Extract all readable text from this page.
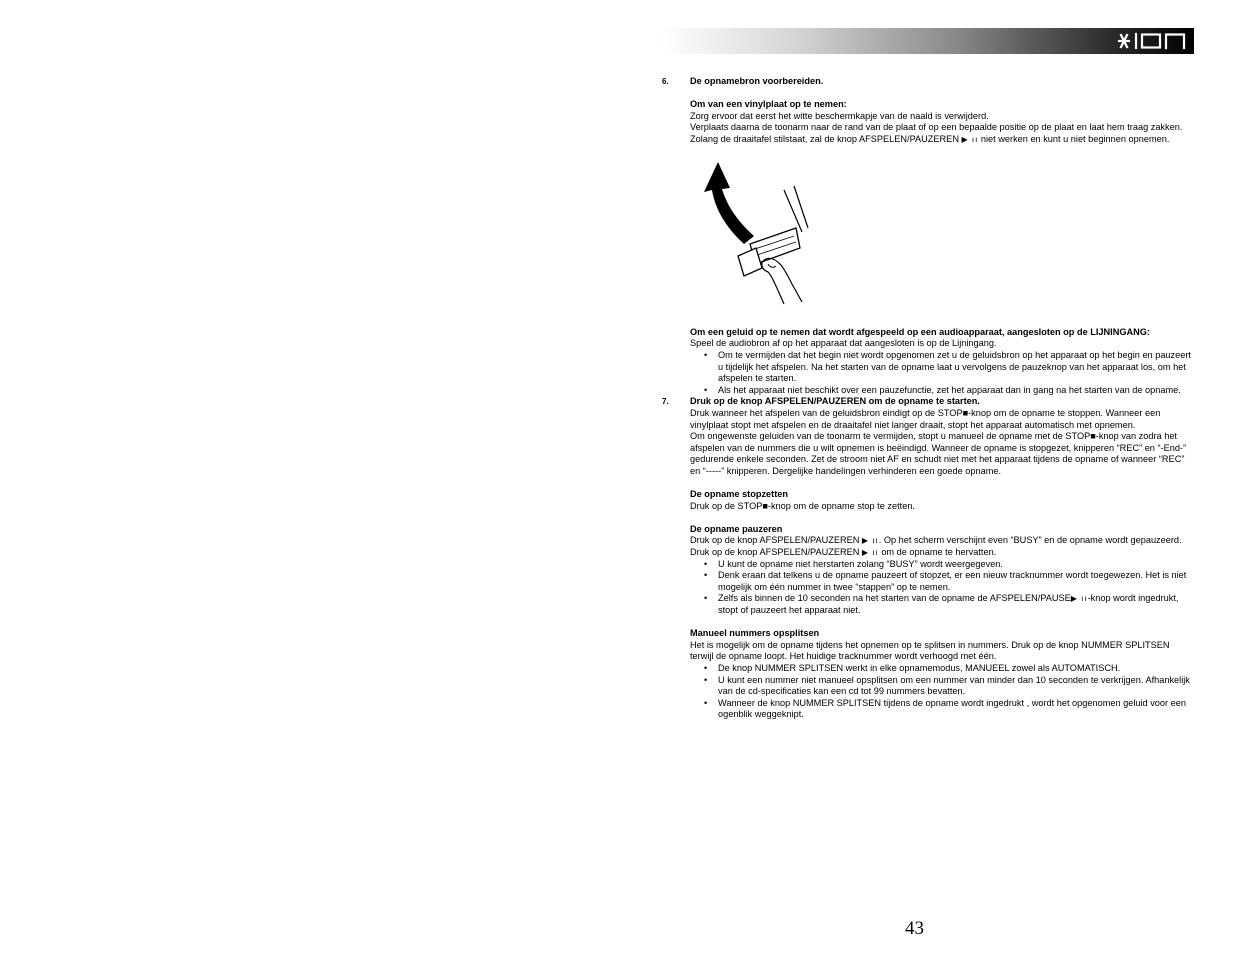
6. De opnamebron voorbereiden.

Om van een vinylplaat op te nemen:

Zorg ervoor dat eerst het witte beschermkapje van de naald is verwijderd.

Verplaats daarna de toonarm naar de rand van de plaat of op een bepaalde positie op de plaat en laat hem traag zakken.

Zolang de draaitafel stilstaat, zal de knop AFSPELEN/PAUZEREN ▶ ıı niet werken en kunt u niet beginnen opnemen.

Om een geluid op te nemen dat wordt afgespeeld op een audioapparaat, aangesloten op de LIJNINGANG:

Speel de audiobron af op het apparaat dat aangesloten is op de Lijningang.

• Om te vermijden dat het begin niet wordt opgenomen zet u de geluidsbron op het apparaat op het begin en pauzeert u tijdelijk het afspelen. Na het starten van de opname laat u vervolgens de pauzeknop van het apparaat los, om het afspelen te starten.
• Als het apparaat niet beschikt over een pauzefunctie, zet het apparaat dan in gang na het starten van de opname.

7. Druk op de knop AFSPELEN/PAUZEREN om de opname te starten.

Druk wanneer het afspelen van de geluidsbron eindigt op de STOP■-knop om de opname te stoppen. Wanneer een vinylplaat stopt met afspelen en de draaitafel niet langer draait, stopt het apparaat automatisch met opnemen.

Om ongewenste geluiden van de toonarm te vermijden, stopt u manueel de opname met de STOP■-knop van zodra het afspelen van de nummers die u wilt opnemen is beëindigd. Wanneer de opname is stopgezet, knipperen “REC” en “-End-” gedurende enkele seconden. Zet de stroom niet AF en schudt niet met het apparaat tijdens de opname of wanneer “REC” en “-----” knipperen. Dergelijke handelingen verhinderen een goede opname.

De opname stopzetten

Druk op de STOP■-knop om de opname stop te zetten.

De opname pauzeren

Druk op de knop AFSPELEN/PAUZEREN ▶ ıı. Op het scherm verschijnt even “BUSY” en de opname wordt gepauzeerd. Druk op de knop AFSPELEN/PAUZEREN ▶ ıı om de opname te hervatten.

• U kunt de opname niet herstarten zolang “BUSY” wordt weergegeven.
• Denk eraan dat telkens u de opname pauzeert of stopzet, er een nieuw tracknummer wordt toegewezen. Het is niet mogelijk om één nummer in twee “stappen” op te nemen.
• Zelfs als binnen de 10 seconden na het starten van de opname de AFSPELEN/PAUSE▶ ıı-knop wordt ingedrukt, stopt of pauzeert het apparaat niet.

Manueel nummers opsplitsen

Het is mogelijk om de opname tijdens het opnemen op te splitsen in nummers. Druk op de knop NUMMER SPLITSEN terwijl de opname loopt. Het huidige tracknummer wordt verhoogd met één.

• De knop NUMMER SPLITSEN werkt in elke opnamemodus, MANUEEL zowel als AUTOMATISCH.
• U kunt een nummer niet manueel opsplitsen om een nummer van minder dan 10 seconden te verkrijgen. Afhankelijk van de cd-specificaties kan een cd tot 99 nummers bevatten.
• Wanneer de knop NUMMER SPLITSEN tijdens de opname wordt ingedrukt , wordt het opgenomen geluid voor een ogenblik weggeknipt.
43
